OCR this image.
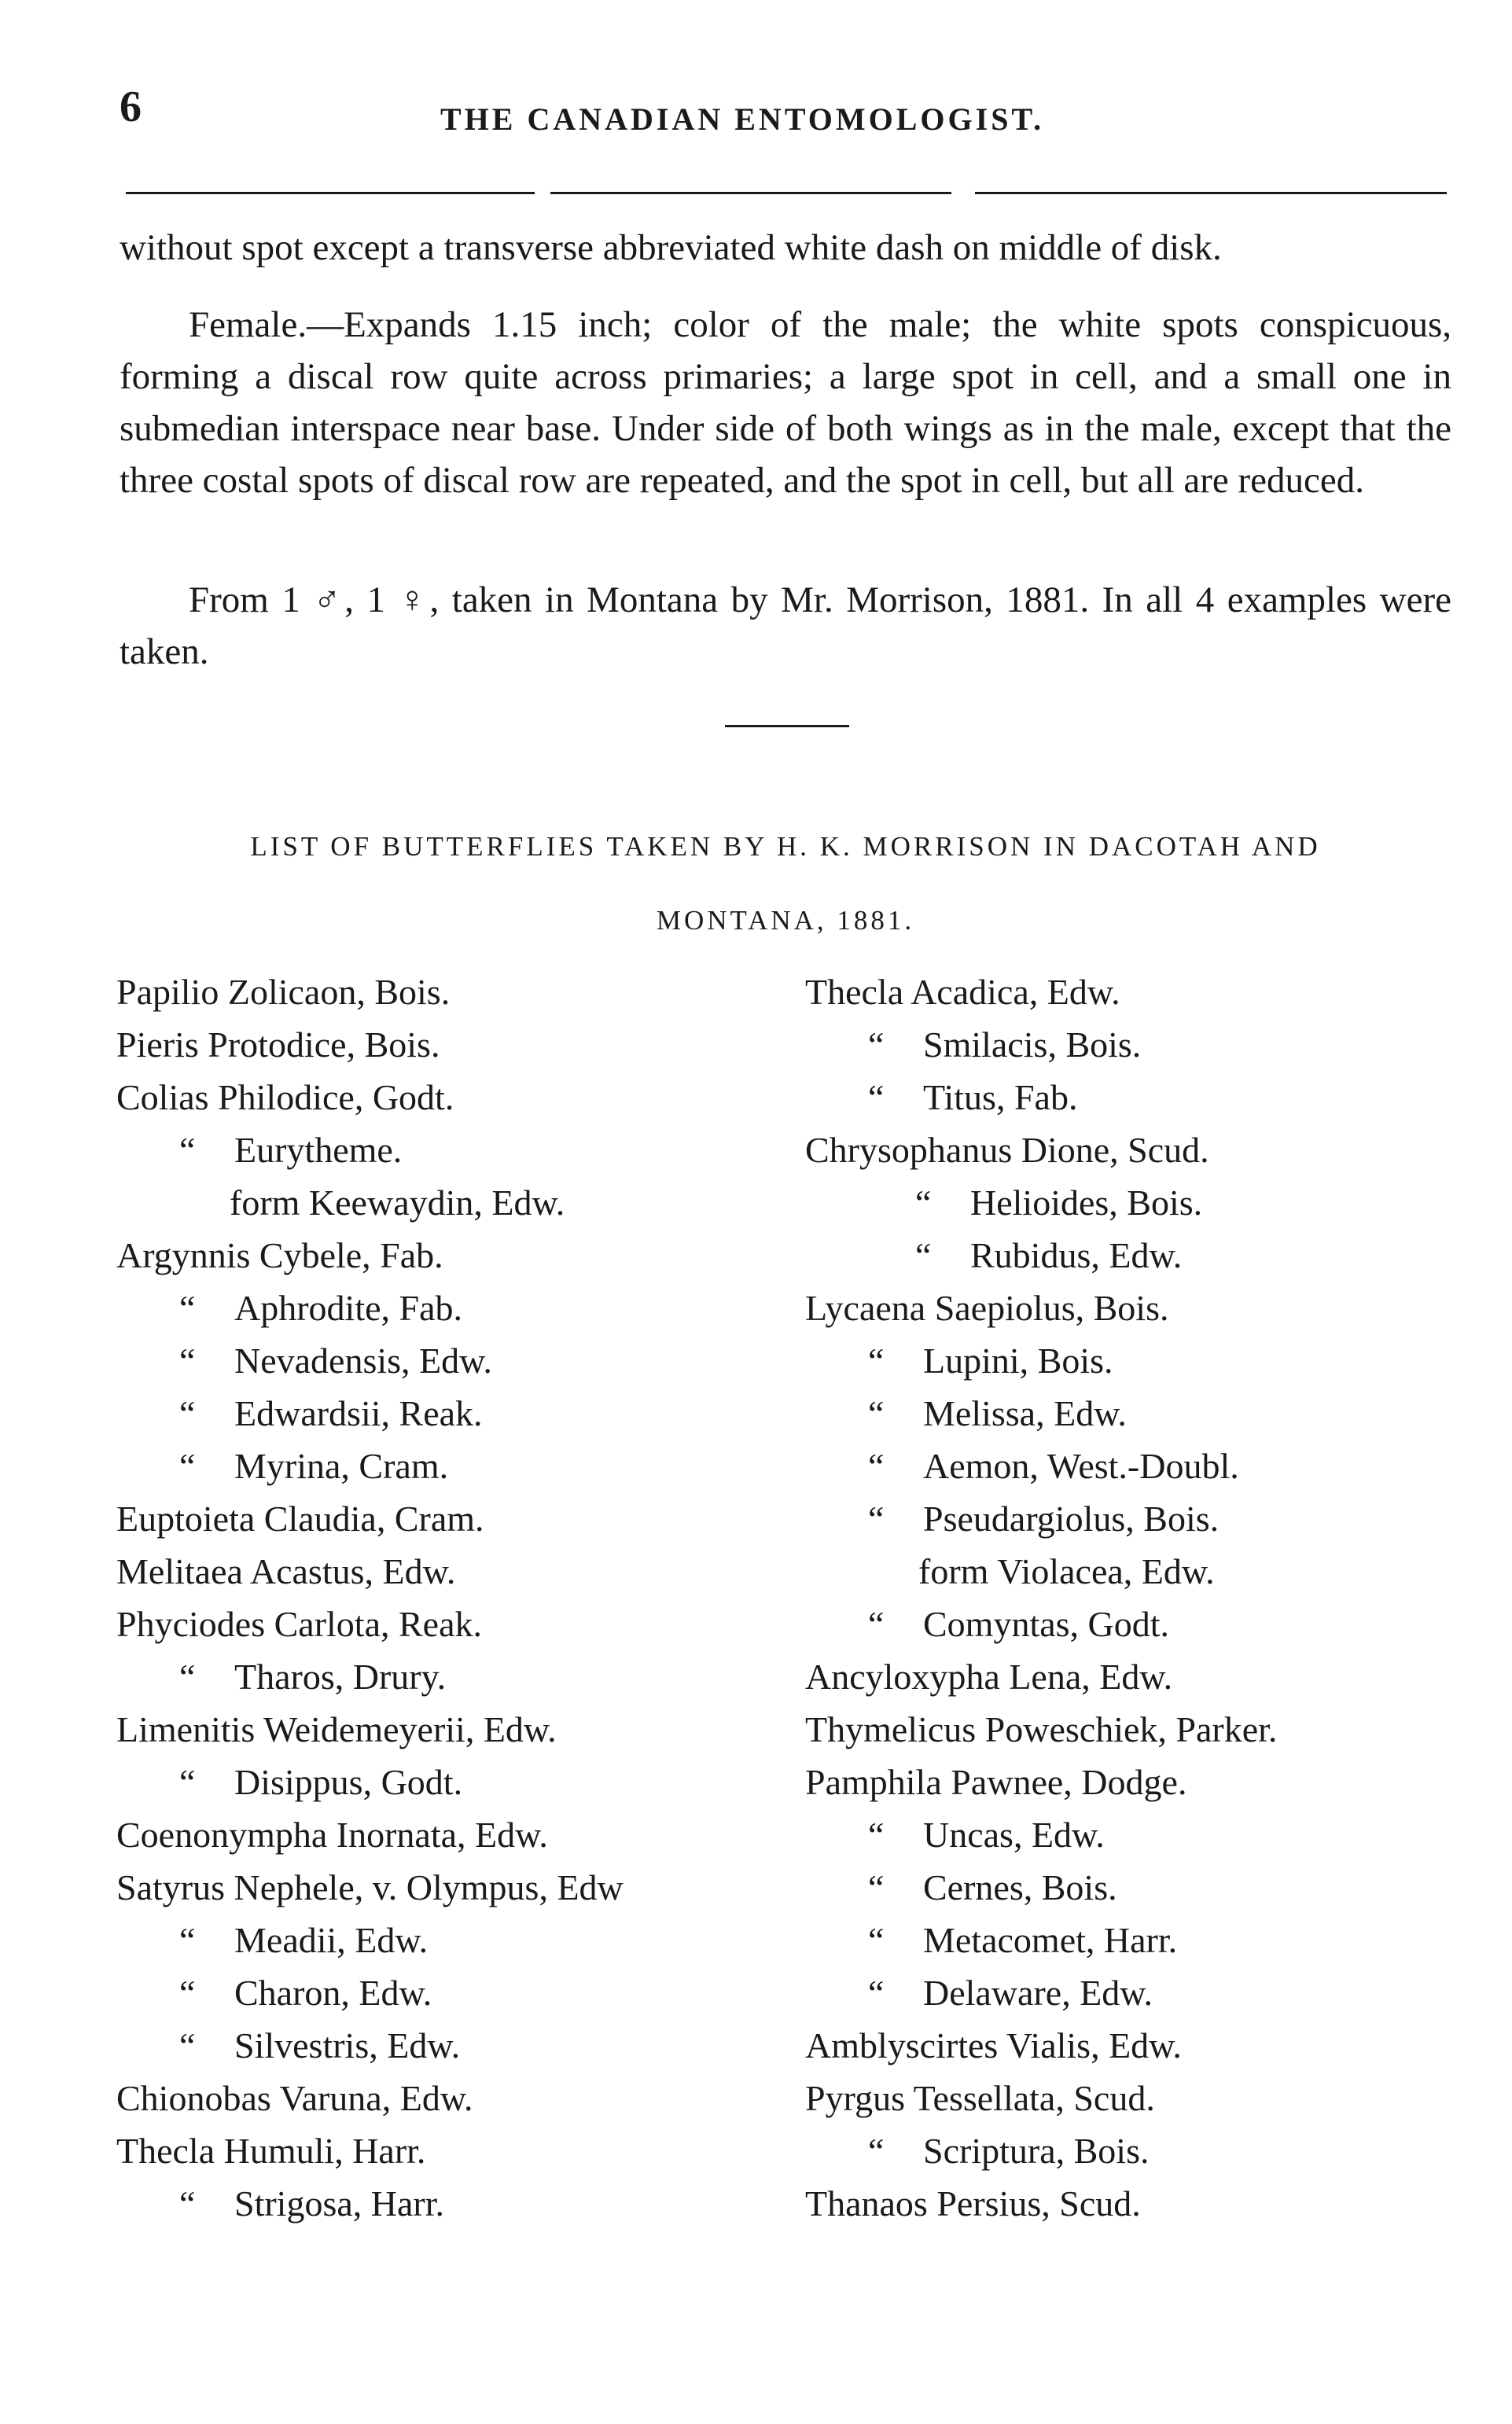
6	THE CANADIAN ENTOMOLOGIST.

without spot except a transverse abbreviated white dash on middle of disk.

Female.—Expands 1.15 inch; color of the male; the white spots conspicuous, forming a discal row quite across primaries; a large spot in cell, and a small one in submedian interspace near base. Under side of both wings as in the male, except that the three costal spots of discal row are repeated, and the spot in cell, but all are reduced.

From 1 ♂, 1 ♀, taken in Montana by Mr. Morrison, 1881. In all 4 examples were taken.

LIST OF BUTTERFLIES TAKEN BY H. K. MORRISON IN DACOTAH AND
MONTANA, 1881.
Papilio Zolicaon, Bois.
Pieris Protodice, Bois.
Colias Philodice, Godt.
“ Eurytheme.
form Keewaydin, Edw.
Argynnis Cybele, Fab.
“ Aphrodite, Fab.
“ Nevadensis, Edw.
“ Edwardsii, Reak.
“ Myrina, Cram.
Euptoieta Claudia, Cram.
Melitaea Acastus, Edw.
Phyciodes Carlota, Reak.
“ Tharos, Drury.
Limenitis Weidemeyerii, Edw.
“ Disippus, Godt.
Coenonympha Inornata, Edw.
Satyrus Nephele, v. Olympus, Edw
“ Meadii, Edw.
“ Charon, Edw.
“ Silvestris, Edw.
Chionobas Varuna, Edw.
Thecla Humuli, Harr.
“ Strigosa, Harr.
Thecla Acadica, Edw.
“ Smilacis, Bois.
“ Titus, Fab.
Chrysophanus Dione, Scud.
“ Helioides, Bois.
“ Rubidus, Edw.
Lycaena Saepiolus, Bois.
“ Lupini, Bois.
“ Melissa, Edw.
“ Aemon, West.-Doubl.
“ Pseudargiolus, Bois.
form Violacea, Edw.
“ Comyntas, Godt.
Ancyloxypha Lena, Edw.
Thymelicus Poweschiek, Parker.
Pamphila Pawnee, Dodge.
“ Uncas, Edw.
“ Cernes, Bois.
“ Metacomet, Harr.
“ Delaware, Edw.
Amblyscirtes Vialis, Edw.
Pyrgus Tessellata, Scud.
“ Scriptura, Bois.
Thanaos Persius, Scud.
